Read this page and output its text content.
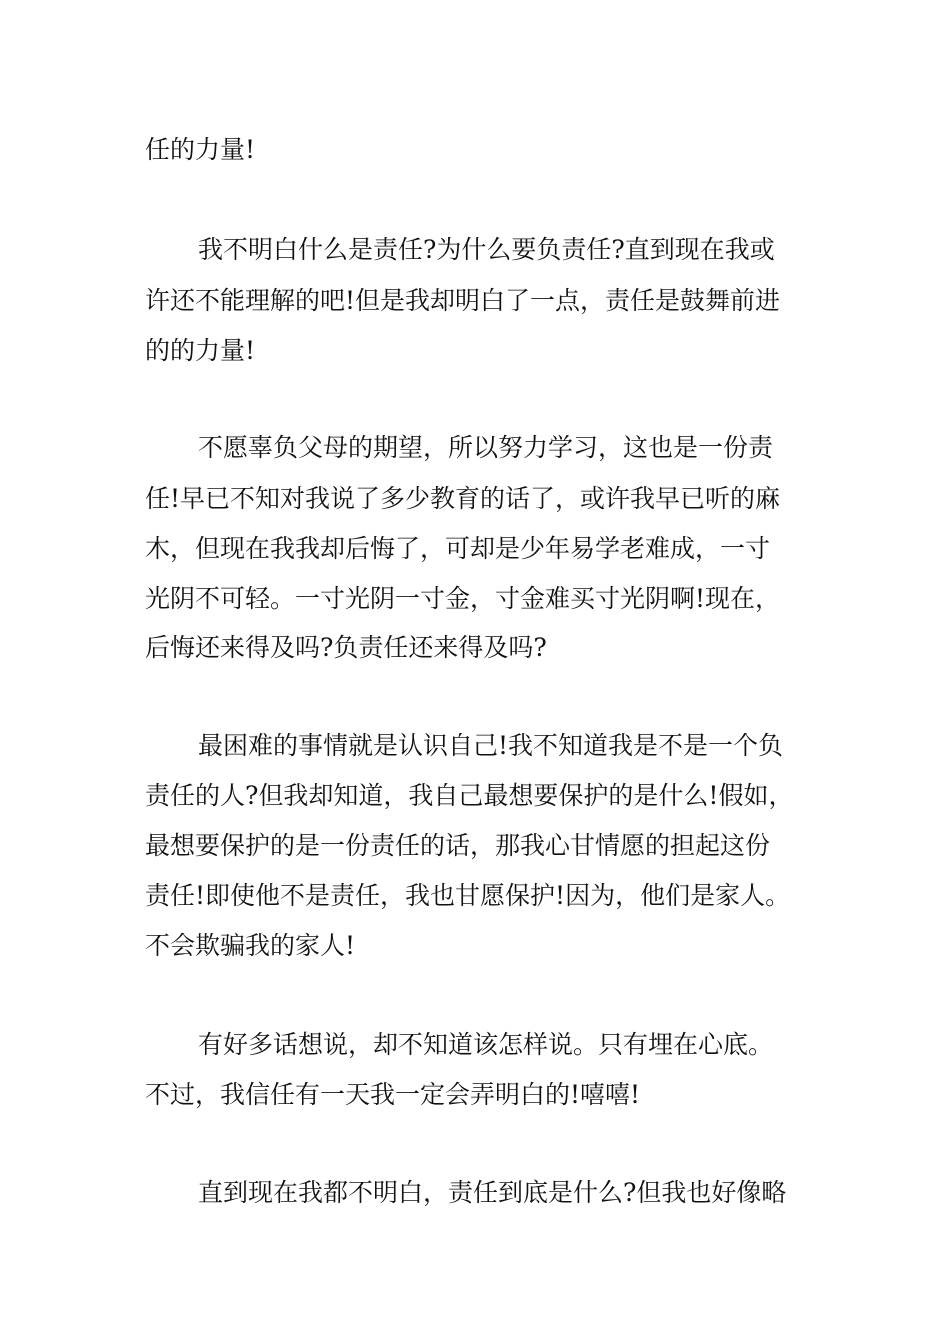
任的力量!
我不明白什么是责任?为什么要负责任?直到现在我或
许还不能理解的吧!但是我却明白了一点，责任是鼓舞前进
的的力量!
不愿辜负父母的期望，所以努力学习，这也是一份责
任!早已不知对我说了多少教育的话了，或许我早已听的麻
木，但现在我我却后悔了，可却是少年易学老难成，一寸
光阴不可轻。一寸光阴一寸金，寸金难买寸光阴啊!现在，
后悔还来得及吗?负责任还来得及吗?
最困难的事情就是认识自己!我不知道我是不是一个负
责任的人?但我却知道，我自己最想要保护的是什么!假如，
最想要保护的是一份责任的话，那我心甘情愿的担起这份
责任!即使他不是责任，我也甘愿保护!因为，他们是家人。
不会欺骗我的家人!
有好多话想说，却不知道该怎样说。只有埋在心底。
不过，我信任有一天我一定会弄明白的!嘻嘻!
直到现在我都不明白，责任到底是什么?但我也好像略
